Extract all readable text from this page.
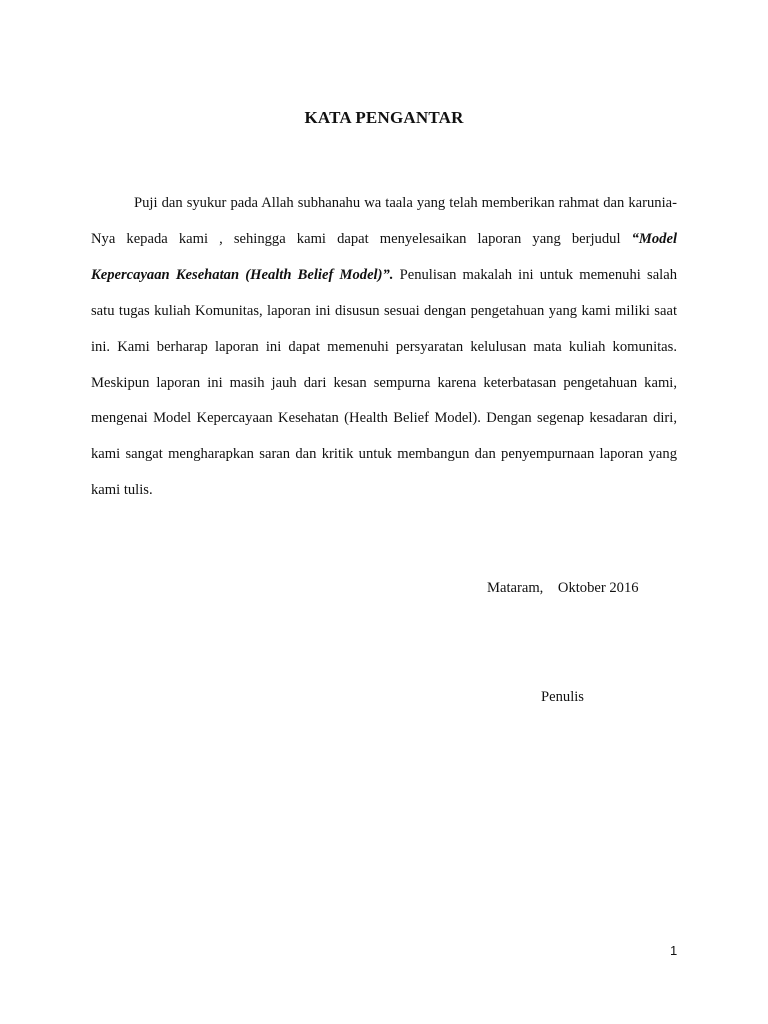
KATA PENGANTAR

Puji dan syukur pada Allah subhanahu wa taala yang telah memberikan rahmat dan karunia-Nya kepada kami , sehingga kami dapat menyelesaikan laporan yang berjudul “Model Kepercayaan Kesehatan (Health Belief Model)”. Penulisan makalah ini untuk memenuhi salah satu tugas kuliah Komunitas, laporan ini disusun sesuai dengan pengetahuan yang kami miliki saat ini. Kami berharap laporan ini dapat memenuhi persyaratan kelulusan mata kuliah komunitas. Meskipun laporan ini masih jauh dari kesan sempurna karena keterbatasan pengetahuan kami, mengenai Model Kepercayaan Kesehatan (Health Belief Model). Dengan segenap kesadaran diri, kami sangat mengharapkan saran dan kritik untuk membangun dan penyempurnaan laporan yang kami tulis.

Mataram,    Oktober 2016
Penulis
1
